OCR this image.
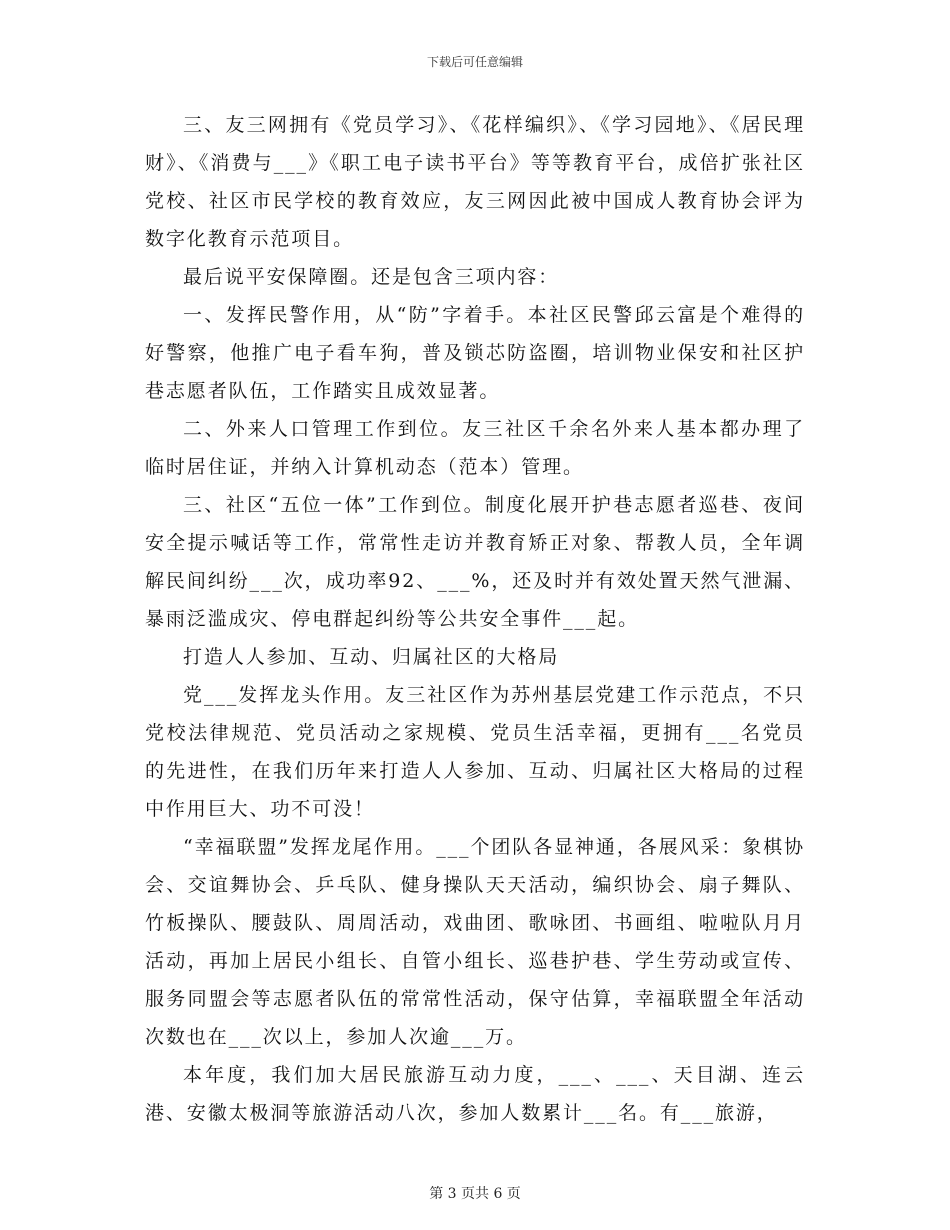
下载后可任意编辑

三、友三网拥有《党员学习》、《花样编织》、《学习园地》、《居民理财》、《消费与___》《职工电子读书平台》等等教育平台，成倍扩张社区党校、社区市民学校的教育效应，友三网因此被中国成人教育协会评为数字化教育示范项目。

最后说平安保障圈。还是包含三项内容：

一、发挥民警作用，从“防”字着手。本社区民警邱云富是个难得的好警察，他推广电子看车狗，普及锁芯防盗圈，培训物业保安和社区护巷志愿者队伍，工作踏实且成效显著。

二、外来人口管理工作到位。友三社区千余名外来人基本都办理了临时居住证，并纳入计算机动态（范本）管理。

三、社区“五位一体”工作到位。制度化展开护巷志愿者巡巷、夜间安全提示喊话等工作，常常性走访并教育矫正对象、帮教人员，全年调解民间纠纷___次，成功率92、___%，还及时并有效处置天然气泄漏、暴雨泛滥成灾、停电群起纠纷等公共安全事件___起。

打造人人参加、互动、归属社区的大格局

党___发挥龙头作用。友三社区作为苏州基层党建工作示范点，不只党校法律规范、党员活动之家规模、党员生活幸福，更拥有___名党员的先进性，在我们历年来打造人人参加、互动、归属社区大格局的过程中作用巨大、功不可没！

“幸福联盟”发挥龙尾作用。___个团队各显神通，各展风采：象棋协会、交谊舞协会、乒乓队、健身操队天天活动，编织协会、扇子舞队、竹板操队、腰鼓队、周周活动，戏曲团、歌咏团、书画组、啦啦队月月活动，再加上居民小组长、自管小组长、巡巷护巷、学生劳动或宣传、服务同盟会等志愿者队伍的常常性活动，保守估算，幸福联盟全年活动次数也在___次以上，参加人次逾___万。

本年度，我们加大居民旅游互动力度，___、___、天目湖、连云港、安徽太极洞等旅游活动八次，参加人数累计___名。有___旅游，

第 3 页共 6 页
